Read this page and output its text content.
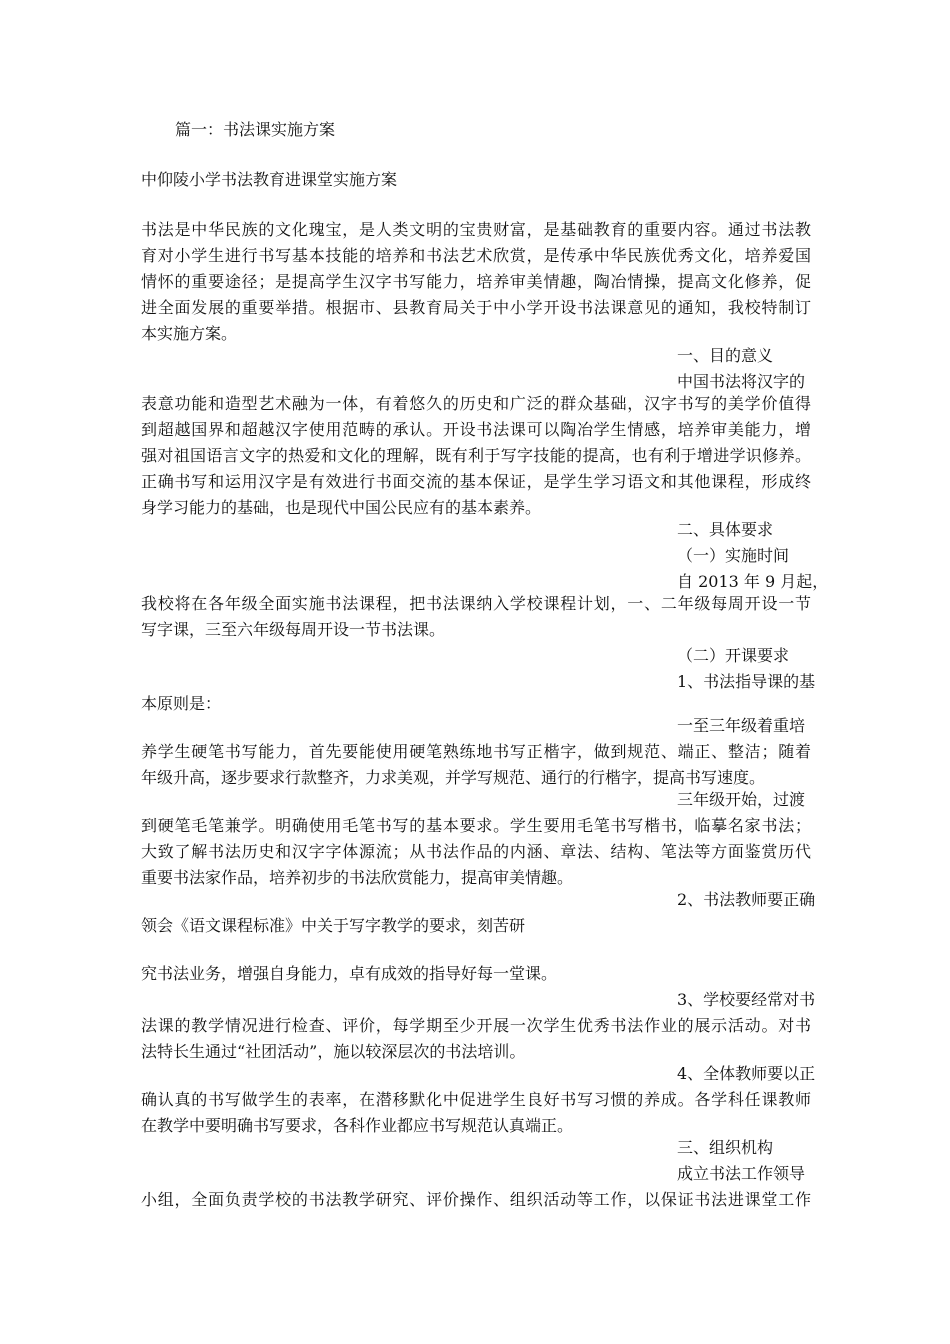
篇一：书法课实施方案
中仰陵小学书法教育进课堂实施方案
书法是中华民族的文化瑰宝，是人类文明的宝贵财富，是基础教育的重要内容。通过书法教
育对小学生进行书写基本技能的培养和书法艺术欣赏，是传承中华民族优秀文化，培养爱国
情怀的重要途径；是提高学生汉字书写能力，培养审美情趣，陶冶情操，提高文化修养，促
进全面发展的重要举措。根据市、县教育局关于中小学开设书法课意见的通知，我校特制订
本实施方案。
一、目的意义
中国书法将汉字的
表意功能和造型艺术融为一体，有着悠久的历史和广泛的群众基础，汉字书写的美学价值得
到超越国界和超越汉字使用范畴的承认。开设书法课可以陶冶学生情感，培养审美能力，增
强对祖国语言文字的热爱和文化的理解，既有利于写字技能的提高，也有利于增进学识修养。
正确书写和运用汉字是有效进行书面交流的基本保证，是学生学习语文和其他课程，形成终
身学习能力的基础，也是现代中国公民应有的基本素养。
二、具体要求
（一）实施时间
自 2013 年 9 月起，
我校将在各年级全面实施书法课程，把书法课纳入学校课程计划，一、二年级每周开设一节
写字课，三至六年级每周开设一节书法课。
（二）开课要求
1、书法指导课的基
本原则是：
一至三年级着重培
养学生硬笔书写能力，首先要能使用硬笔熟练地书写正楷字，做到规范、端正、整洁；随着
年级升高，逐步要求行款整齐，力求美观，并学写规范、通行的行楷字，提高书写速度。
三年级开始，过渡
到硬笔毛笔兼学。明确使用毛笔书写的基本要求。学生要用毛笔书写楷书，临摹名家书法；
大致了解书法历史和汉字字体源流；从书法作品的内涵、章法、结构、笔法等方面鉴赏历代
重要书法家作品，培养初步的书法欣赏能力，提高审美情趣。
2、书法教师要正确
领会《语文课程标准》中关于写字教学的要求，刻苦研
究书法业务，增强自身能力，卓有成效的指导好每一堂课。
3、学校要经常对书
法课的教学情况进行检查、评价，每学期至少开展一次学生优秀书法作业的展示活动。对书
法特长生通过“社团活动”，施以较深层次的书法培训。
4、全体教师要以正
确认真的书写做学生的表率，在潜移默化中促进学生良好书写习惯的养成。各学科任课教师
在教学中要明确书写要求，各科作业都应书写规范认真端正。
三、组织机构
成立书法工作领导
小组，全面负责学校的书法教学研究、评价操作、组织活动等工作，以保证书法进课堂工作
